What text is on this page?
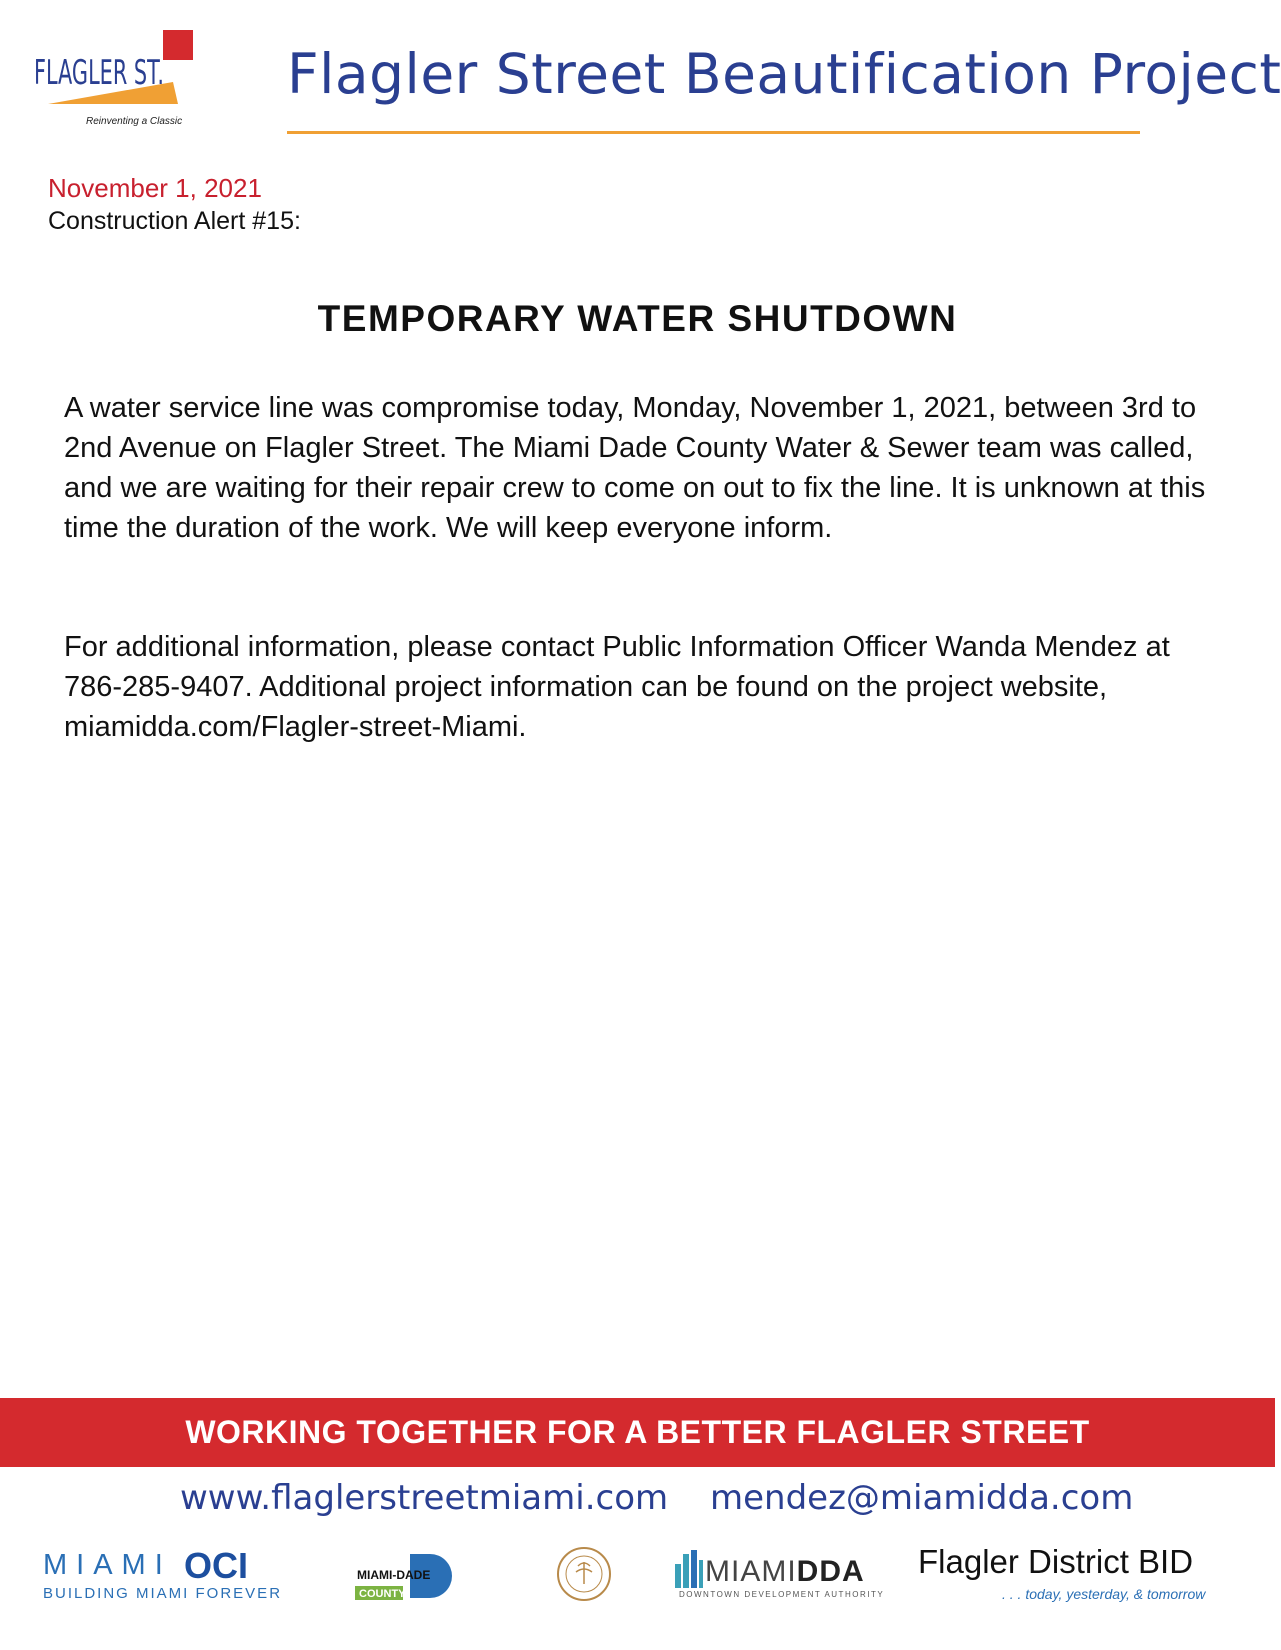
FLAGLER ST.
Reinventing a Classic
Flagler Street Beautification Project
November 1, 2021
Construction Alert #15:
TEMPORARY WATER SHUTDOWN
A water service line was compromise today, Monday, November 1, 2021, between 3rd to 2nd Avenue on Flagler Street. The Miami Dade County Water & Sewer team was called, and we are waiting for their repair crew to come on out to fix the line. It is unknown at this time the duration of the work. We will keep everyone inform.
For additional information, please contact Public Information Officer Wanda Mendez at 786-285-9407. Additional project information can be found on the project website, miamidda.com/Flagler-street-Miami.
WORKING TOGETHER FOR A BETTER FLAGLER STREET
www.flaglerstreetmiami.com mendez@miamidda.com
MIAMI OCI
BUILDING MIAMI FOREVER
MIAMI-DADE
COUNTY
MIAMIDDA
DOWNTOWN DEVELOPMENT AUTHORITY
Flagler District BID
. . . today, yesterday, & tomorrow
